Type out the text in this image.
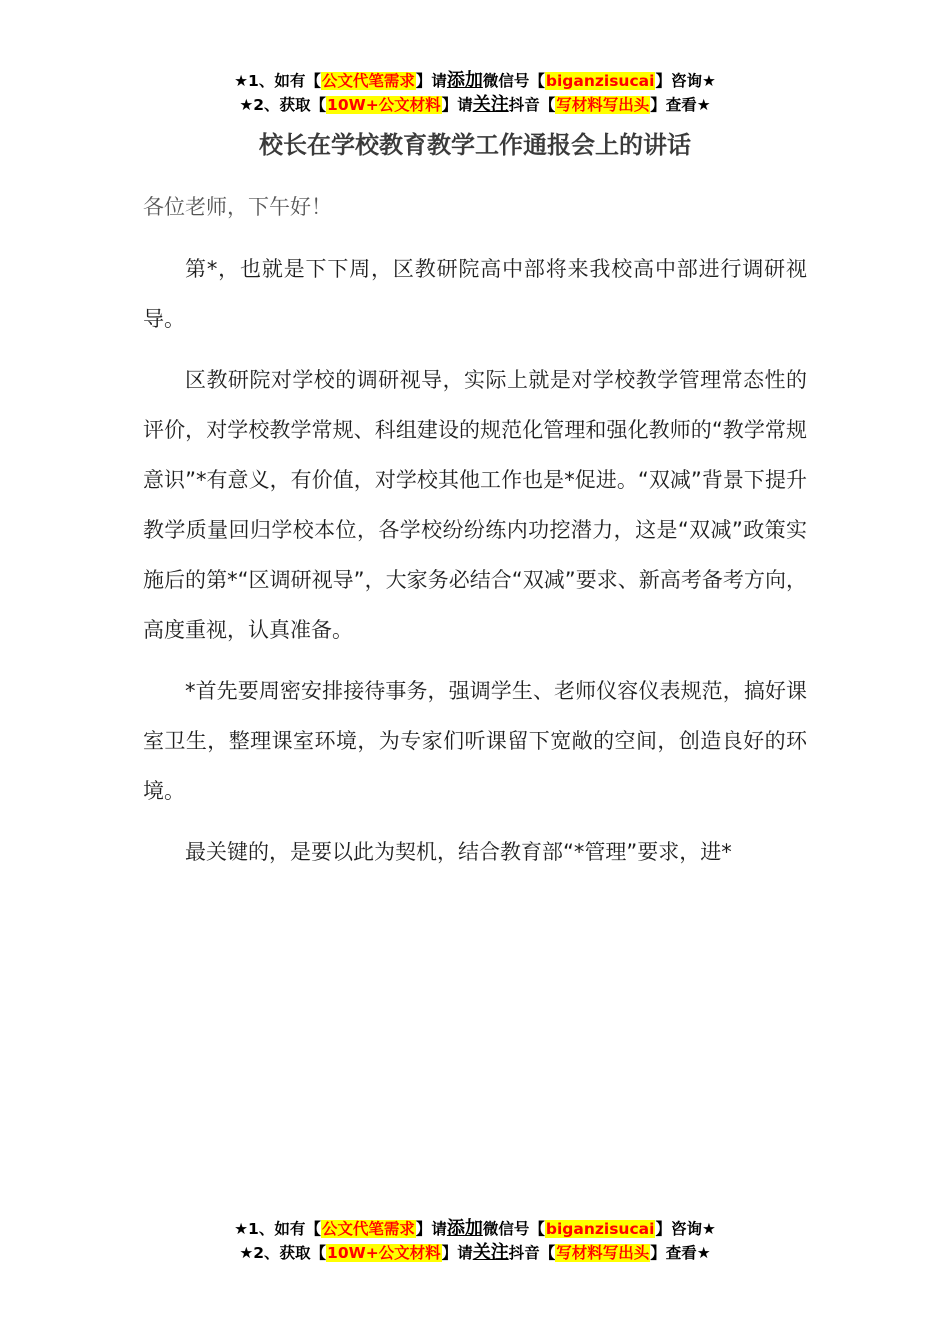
★1、如有【公文代笔需求】请添加微信号【biganzisucai】咨询★
★2、获取【10W+公文材料】请关注抖音【写材料写出头】查看★
校长在学校教育教学工作通报会上的讲话
各位老师，下午好！

第*，也就是下下周，区教研院高中部将来我校高中部进行调研视导。

区教研院对学校的调研视导，实际上就是对学校教学管理常态性的评价，对学校教学常规、科组建设的规范化管理和强化教师的“教学常规意识”*有意义，有价值，对学校其他工作也是*促进。“双减”背景下提升教学质量回归学校本位，各学校纷纷练内功挖潜力，这是“双减”政策实施后的第*“区调研视导”，大家务必结合“双减”要求、新高考备考方向，高度重视，认真准备。

*首先要周密安排接待事务，强调学生、老师仪容仪表规范，搞好课室卫生，整理课室环境，为专家们听课留下宽敞的空间，创造良好的环境。

最关键的，是要以此为契机，结合教育部“*管理”要求，进*

★1、如有【公文代笔需求】请添加微信号【biganzisucai】咨询★
★2、获取【10W+公文材料】请关注抖音【写材料写出头】查看★
